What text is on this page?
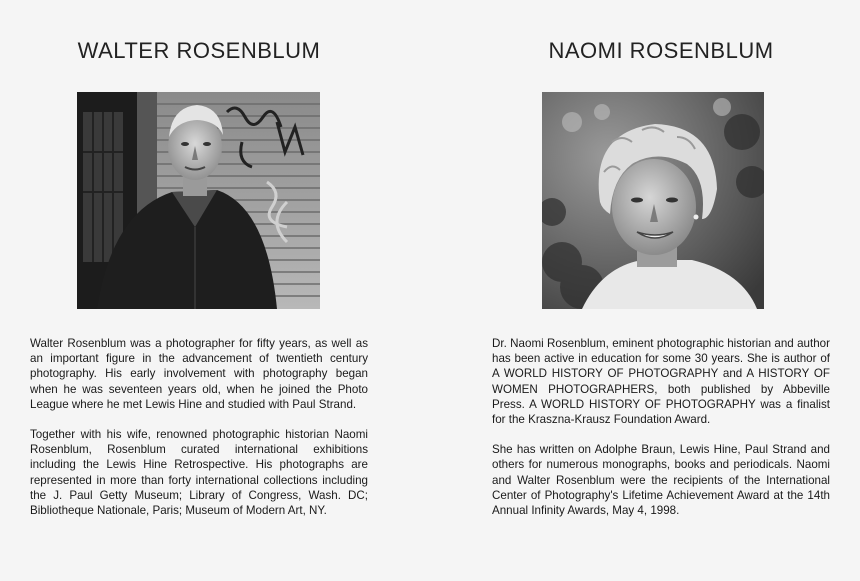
WALTER ROSENBLUM

Walter Rosenblum was a photographer for fifty years, as well as an important figure in the advancement of twentieth century photography. His early involvement with photography began when he was seventeen years old, when he joined the Photo League where he met Lewis Hine and studied with Paul Strand.

Together with his wife, renowned photographic historian Naomi Rosenblum, Rosenblum curated international exhibitions including the Lewis Hine Retrospective. His photographs are represented in more than forty international collections including the J. Paul Getty Museum; Library of Congress, Wash. DC; Bibliotheque Nationale, Paris; Museum of Modern Art, NY.

NAOMI ROSENBLUM

Dr. Naomi Rosenblum, eminent photographic historian and author has been active in education for some 30 years. She is author of A WORLD HISTORY OF PHOTOGRAPHY and A HISTORY OF WOMEN PHOTOGRAPHERS, both published by Abbeville Press. A WORLD HISTORY OF PHOTOGRAPHY was a finalist for the Kraszna-Krausz Foundation Award.

She has written on Adolphe Braun, Lewis Hine, Paul Strand and others for numerous monographs, books and periodicals. Naomi and Walter Rosenblum were the recipients of the International Center of Photography's Lifetime Achievement Award at the 14th Annual Infinity Awards, May 4, 1998.
